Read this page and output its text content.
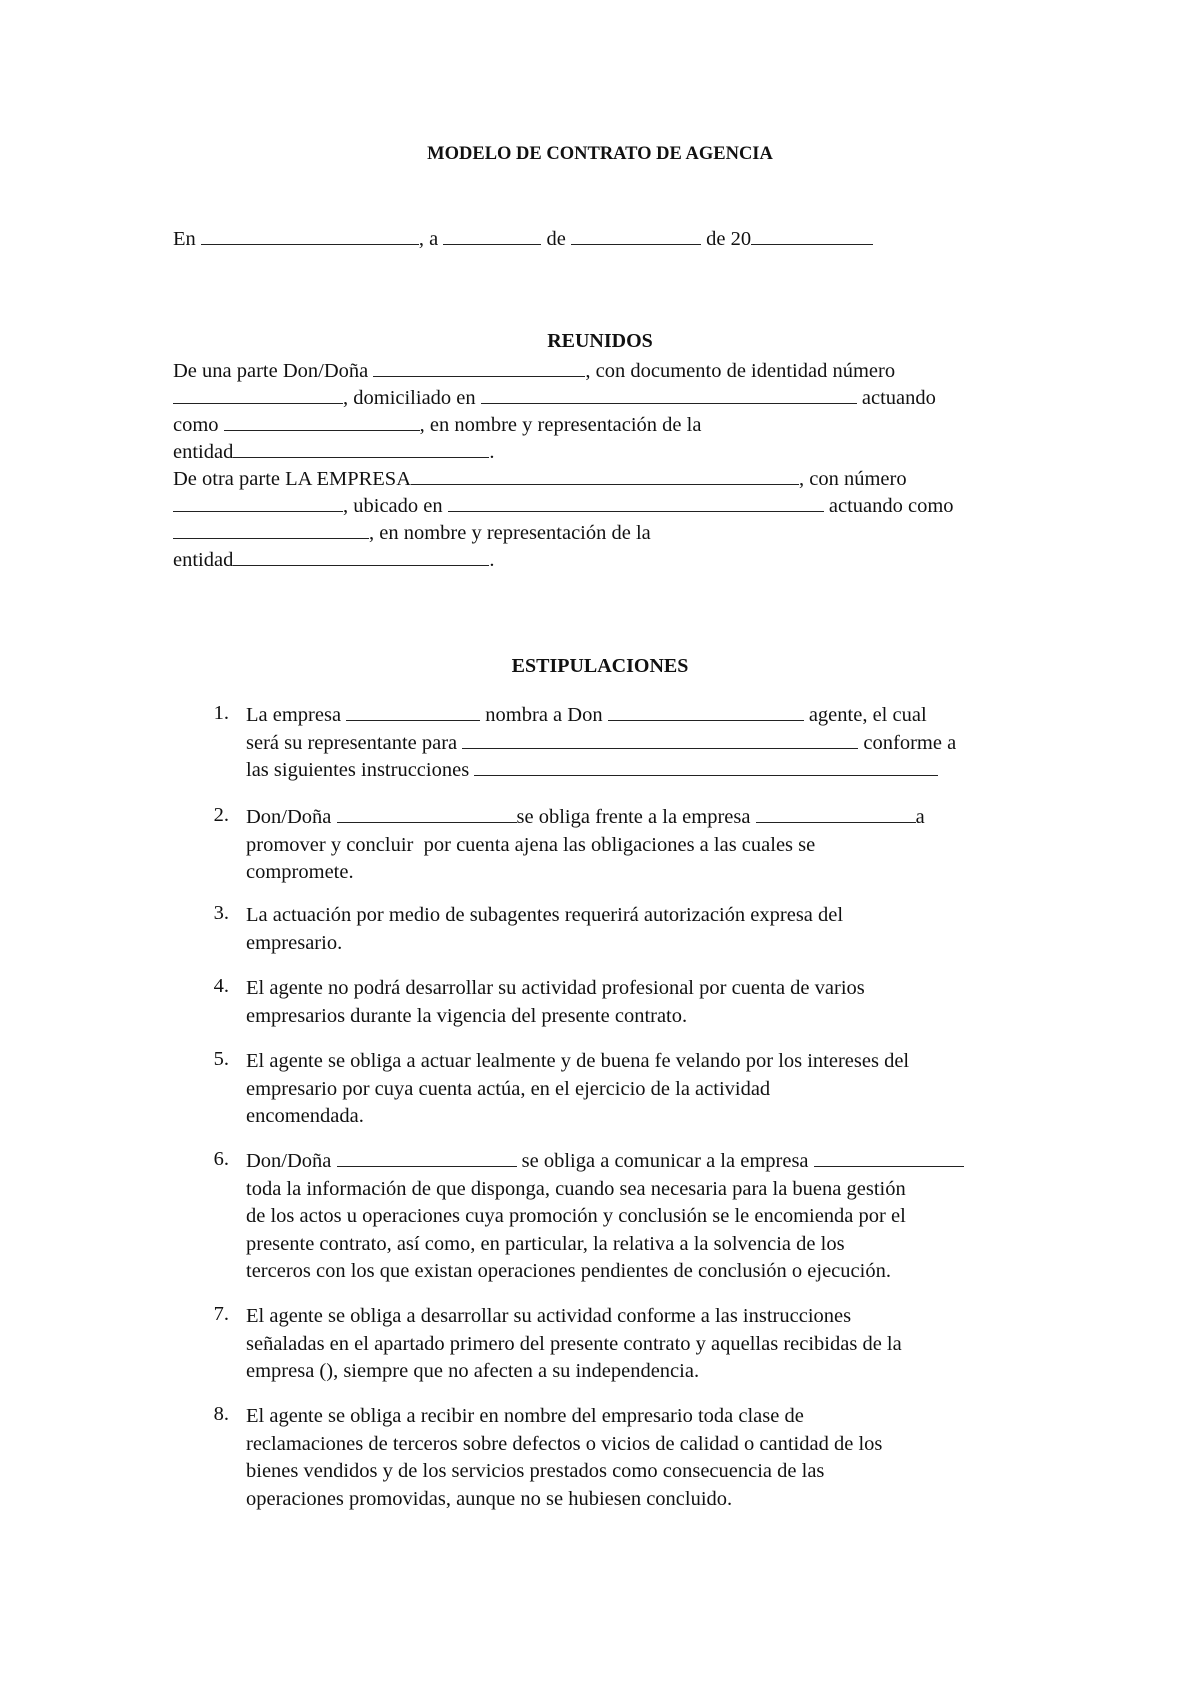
MODELO DE CONTRATO DE AGENCIA
En	, a	de	de 20
REUNIDOS
De una parte Don/Doña	, con documento de identidad número
, domiciliado en	actuando
como	, en nombre y representación de la
entidad	.
De otra parte LA EMPRESA	, con número
, ubicado en	actuando como
, en nombre y representación de la
entidad	.
ESTIPULACIONES
1. La empresa	nombra a Don	agente, el cual
será su representante para	conforme a
las siguientes instrucciones
2. Don/Doña	se obliga frente a la empresa	a
promover y concluir  por cuenta ajena las obligaciones a las cuales se
compromete.
3. La actuación por medio de subagentes requerirá autorización expresa del
empresario.
4. El agente no podrá desarrollar su actividad profesional por cuenta de varios
empresarios durante la vigencia del presente contrato.
5. El agente se obliga a actuar lealmente y de buena fe velando por los intereses del
empresario por cuya cuenta actúa, en el ejercicio de la actividad
encomendada.
6. Don/Doña	se obliga a comunicar a la empresa
toda la información de que disponga, cuando sea necesaria para la buena gestión
de los actos u operaciones cuya promoción y conclusión se le encomienda por el
presente contrato, así como, en particular, la relativa a la solvencia de los
terceros con los que existan operaciones pendientes de conclusión o ejecución.
7. El agente se obliga a desarrollar su actividad conforme a las instrucciones
señaladas en el apartado primero del presente contrato y aquellas recibidas de la
empresa (), siempre que no afecten a su independencia.
8. El agente se obliga a recibir en nombre del empresario toda clase de
reclamaciones de terceros sobre defectos o vicios de calidad o cantidad de los
bienes vendidos y de los servicios prestados como consecuencia de las
operaciones promovidas, aunque no se hubiesen concluido.
